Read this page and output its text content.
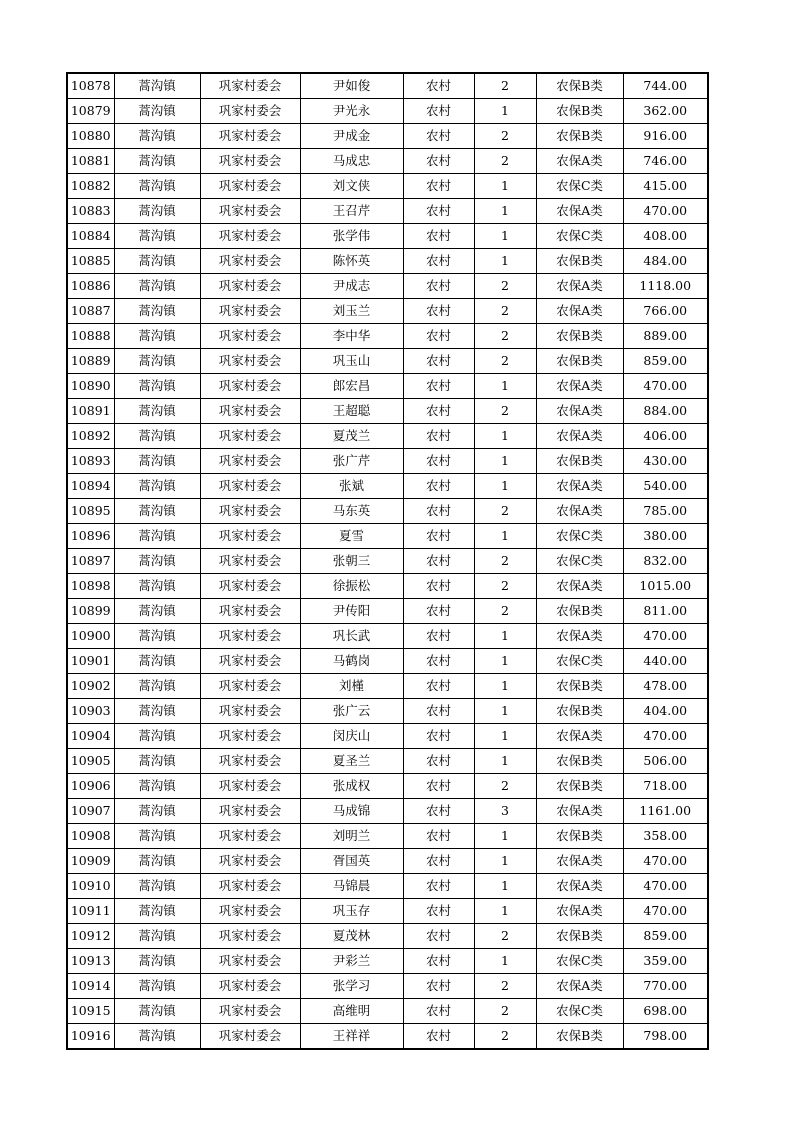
10878	蒿沟镇	巩家村委会	尹如俊	农村	2	农保B类	744.00
10879	蒿沟镇	巩家村委会	尹光永	农村	1	农保B类	362.00
10880	蒿沟镇	巩家村委会	尹成金	农村	2	农保B类	916.00
10881	蒿沟镇	巩家村委会	马成忠	农村	2	农保A类	746.00
10882	蒿沟镇	巩家村委会	刘文侠	农村	1	农保C类	415.00
10883	蒿沟镇	巩家村委会	王召芹	农村	1	农保A类	470.00
10884	蒿沟镇	巩家村委会	张学伟	农村	1	农保C类	408.00
10885	蒿沟镇	巩家村委会	陈怀英	农村	1	农保B类	484.00
10886	蒿沟镇	巩家村委会	尹成志	农村	2	农保A类	1118.00
10887	蒿沟镇	巩家村委会	刘玉兰	农村	2	农保A类	766.00
10888	蒿沟镇	巩家村委会	李中华	农村	2	农保B类	889.00
10889	蒿沟镇	巩家村委会	巩玉山	农村	2	农保B类	859.00
10890	蒿沟镇	巩家村委会	郎宏昌	农村	1	农保A类	470.00
10891	蒿沟镇	巩家村委会	王超聪	农村	2	农保A类	884.00
10892	蒿沟镇	巩家村委会	夏茂兰	农村	1	农保A类	406.00
10893	蒿沟镇	巩家村委会	张广芹	农村	1	农保B类	430.00
10894	蒿沟镇	巩家村委会	张斌	农村	1	农保A类	540.00
10895	蒿沟镇	巩家村委会	马东英	农村	2	农保A类	785.00
10896	蒿沟镇	巩家村委会	夏雪	农村	1	农保C类	380.00
10897	蒿沟镇	巩家村委会	张朝三	农村	2	农保C类	832.00
10898	蒿沟镇	巩家村委会	徐振松	农村	2	农保A类	1015.00
10899	蒿沟镇	巩家村委会	尹传阳	农村	2	农保B类	811.00
10900	蒿沟镇	巩家村委会	巩长武	农村	1	农保A类	470.00
10901	蒿沟镇	巩家村委会	马鹤岗	农村	1	农保C类	440.00
10902	蒿沟镇	巩家村委会	刘槿	农村	1	农保B类	478.00
10903	蒿沟镇	巩家村委会	张广云	农村	1	农保B类	404.00
10904	蒿沟镇	巩家村委会	闵庆山	农村	1	农保A类	470.00
10905	蒿沟镇	巩家村委会	夏圣兰	农村	1	农保B类	506.00
10906	蒿沟镇	巩家村委会	张成权	农村	2	农保B类	718.00
10907	蒿沟镇	巩家村委会	马成锦	农村	3	农保A类	1161.00
10908	蒿沟镇	巩家村委会	刘明兰	农村	1	农保B类	358.00
10909	蒿沟镇	巩家村委会	胥国英	农村	1	农保A类	470.00
10910	蒿沟镇	巩家村委会	马锦晨	农村	1	农保A类	470.00
10911	蒿沟镇	巩家村委会	巩玉存	农村	1	农保A类	470.00
10912	蒿沟镇	巩家村委会	夏茂林	农村	2	农保B类	859.00
10913	蒿沟镇	巩家村委会	尹彩兰	农村	1	农保C类	359.00
10914	蒿沟镇	巩家村委会	张学习	农村	2	农保A类	770.00
10915	蒿沟镇	巩家村委会	高维明	农村	2	农保C类	698.00
10916	蒿沟镇	巩家村委会	王祥祥	农村	2	农保B类	798.00
